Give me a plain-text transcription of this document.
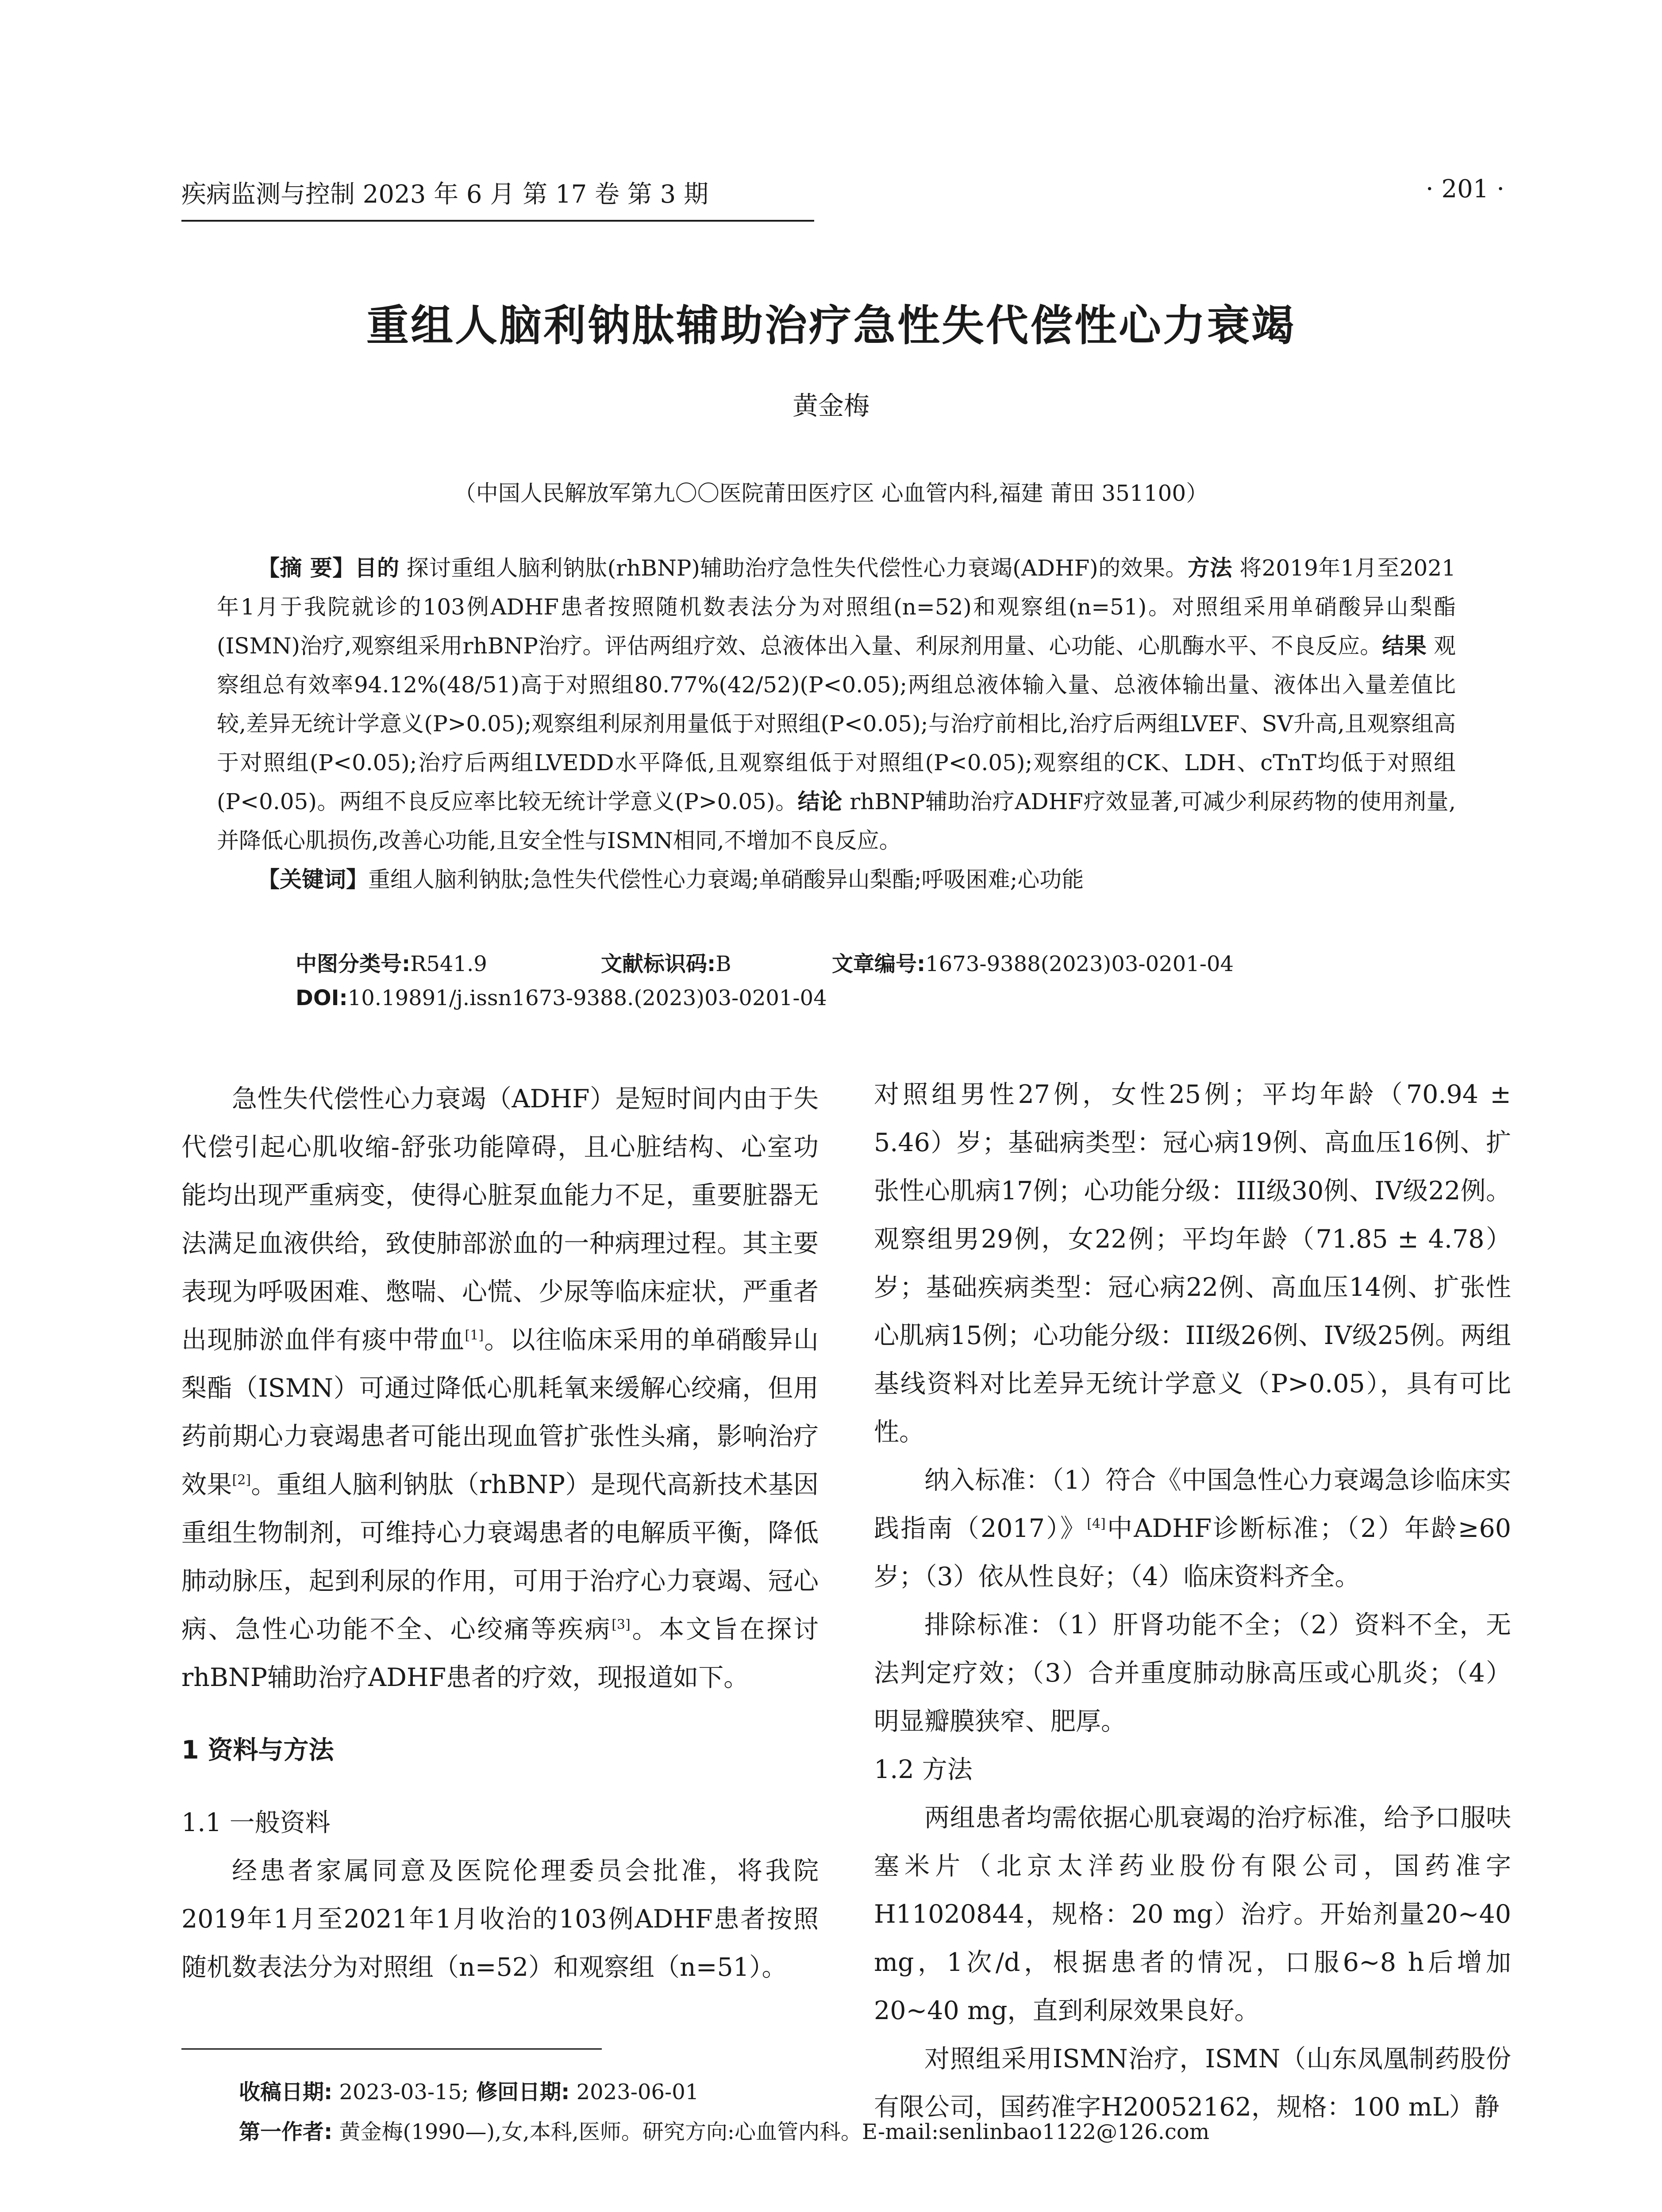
疾病监测与控制 2023 年 6 月 第 17 卷 第 3 期	· 201 ·
重组人脑利钠肽辅助治疗急性失代偿性心力衰竭
黄金梅
（中国人民解放军第九〇〇医院莆田医疗区 心血管内科,福建 莆田 351100）

【摘 要】目的 探讨重组人脑利钠肽(rhBNP)辅助治疗急性失代偿性心力衰竭(ADHF)的效果。方法 将2019年1月至2021年1月于我院就诊的103例ADHF患者按照随机数表法分为对照组(n=52)和观察组(n=51)。对照组采用单硝酸异山梨酯(ISMN)治疗,观察组采用rhBNP治疗。评估两组疗效、总液体出入量、利尿剂用量、心功能、心肌酶水平、不良反应。结果 观察组总有效率94.12%(48/51)高于对照组80.77%(42/52)(P<0.05);两组总液体输入量、总液体输出量、液体出入量差值比较,差异无统计学意义(P>0.05);观察组利尿剂用量低于对照组(P<0.05);与治疗前相比,治疗后两组LVEF、SV升高,且观察组高于对照组(P<0.05);治疗后两组LVEDD水平降低,且观察组低于对照组(P<0.05);观察组的CK、LDH、cTnT均低于对照组(P<0.05)。两组不良反应率比较无统计学意义(P>0.05)。结论 rhBNP辅助治疗ADHF疗效显著,可减少利尿药物的使用剂量,并降低心肌损伤,改善心功能,且安全性与ISMN相同,不增加不良反应。

【关键词】重组人脑利钠肽;急性失代偿性心力衰竭;单硝酸异山梨酯;呼吸困难;心功能

中图分类号:R541.9	文献标识码:B	文章编号:1673-9388(2023)03-0201-04
DOI:10.19891/j.issn1673-9388.(2023)03-0201-04

急性失代偿性心力衰竭（ADHF）是短时间内由于失代偿引起心肌收缩-舒张功能障碍，且心脏结构、心室功能均出现严重病变，使得心脏泵血能力不足，重要脏器无法满足血液供给，致使肺部淤血的一种病理过程。其主要表现为呼吸困难、憋喘、心慌、少尿等临床症状，严重者出现肺淤血伴有痰中带血[1]。以往临床采用的单硝酸异山梨酯（ISMN）可通过降低心肌耗氧来缓解心绞痛，但用药前期心力衰竭患者可能出现血管扩张性头痛，影响治疗效果[2]。重组人脑利钠肽（rhBNP）是现代高新技术基因重组生物制剂，可维持心力衰竭患者的电解质平衡，降低肺动脉压，起到利尿的作用，可用于治疗心力衰竭、冠心病、急性心功能不全、心绞痛等疾病[3]。本文旨在探讨rhBNP辅助治疗ADHF患者的疗效，现报道如下。

1 资料与方法
1.1 一般资料

经患者家属同意及医院伦理委员会批准，将我院2019年1月至2021年1月收治的103例ADHF患者按照随机数表法分为对照组（n=52）和观察组（n=51）。

对照组男性27例，女性25例；平均年龄（70.94 ± 5.46）岁；基础病类型：冠心病19例、高血压16例、扩张性心肌病17例；心功能分级：III级30例、IV级22例。观察组男29例，女22例；平均年龄（71.85 ± 4.78）岁；基础疾病类型：冠心病22例、高血压14例、扩张性心肌病15例；心功能分级：III级26例、IV级25例。两组基线资料对比差异无统计学意义（P>0.05），具有可比性。

纳入标准：（1）符合《中国急性心力衰竭急诊临床实践指南（2017）》[4]中ADHF诊断标准；（2）年龄≥60岁；（3）依从性良好；（4）临床资料齐全。

排除标准：（1）肝肾功能不全；（2）资料不全，无法判定疗效；（3）合并重度肺动脉高压或心肌炎；（4）明显瓣膜狭窄、肥厚。

1.2 方法

两组患者均需依据心肌衰竭的治疗标准，给予口服呋塞米片（北京太洋药业股份有限公司，国药准字H11020844，规格：20 mg）治疗。开始剂量20~40 mg，1次/d，根据患者的情况，口服6~8 h后增加20~40 mg，直到利尿效果良好。

对照组采用ISMN治疗，ISMN（山东凤凰制药股份有限公司，国药准字H20052162，规格：100 mL）静

收稿日期: 2023-03-15; 修回日期: 2023-06-01
第一作者: 黄金梅(1990—),女,本科,医师。研究方向:心血管内科。E-mail:senlinbao1122@126.com
